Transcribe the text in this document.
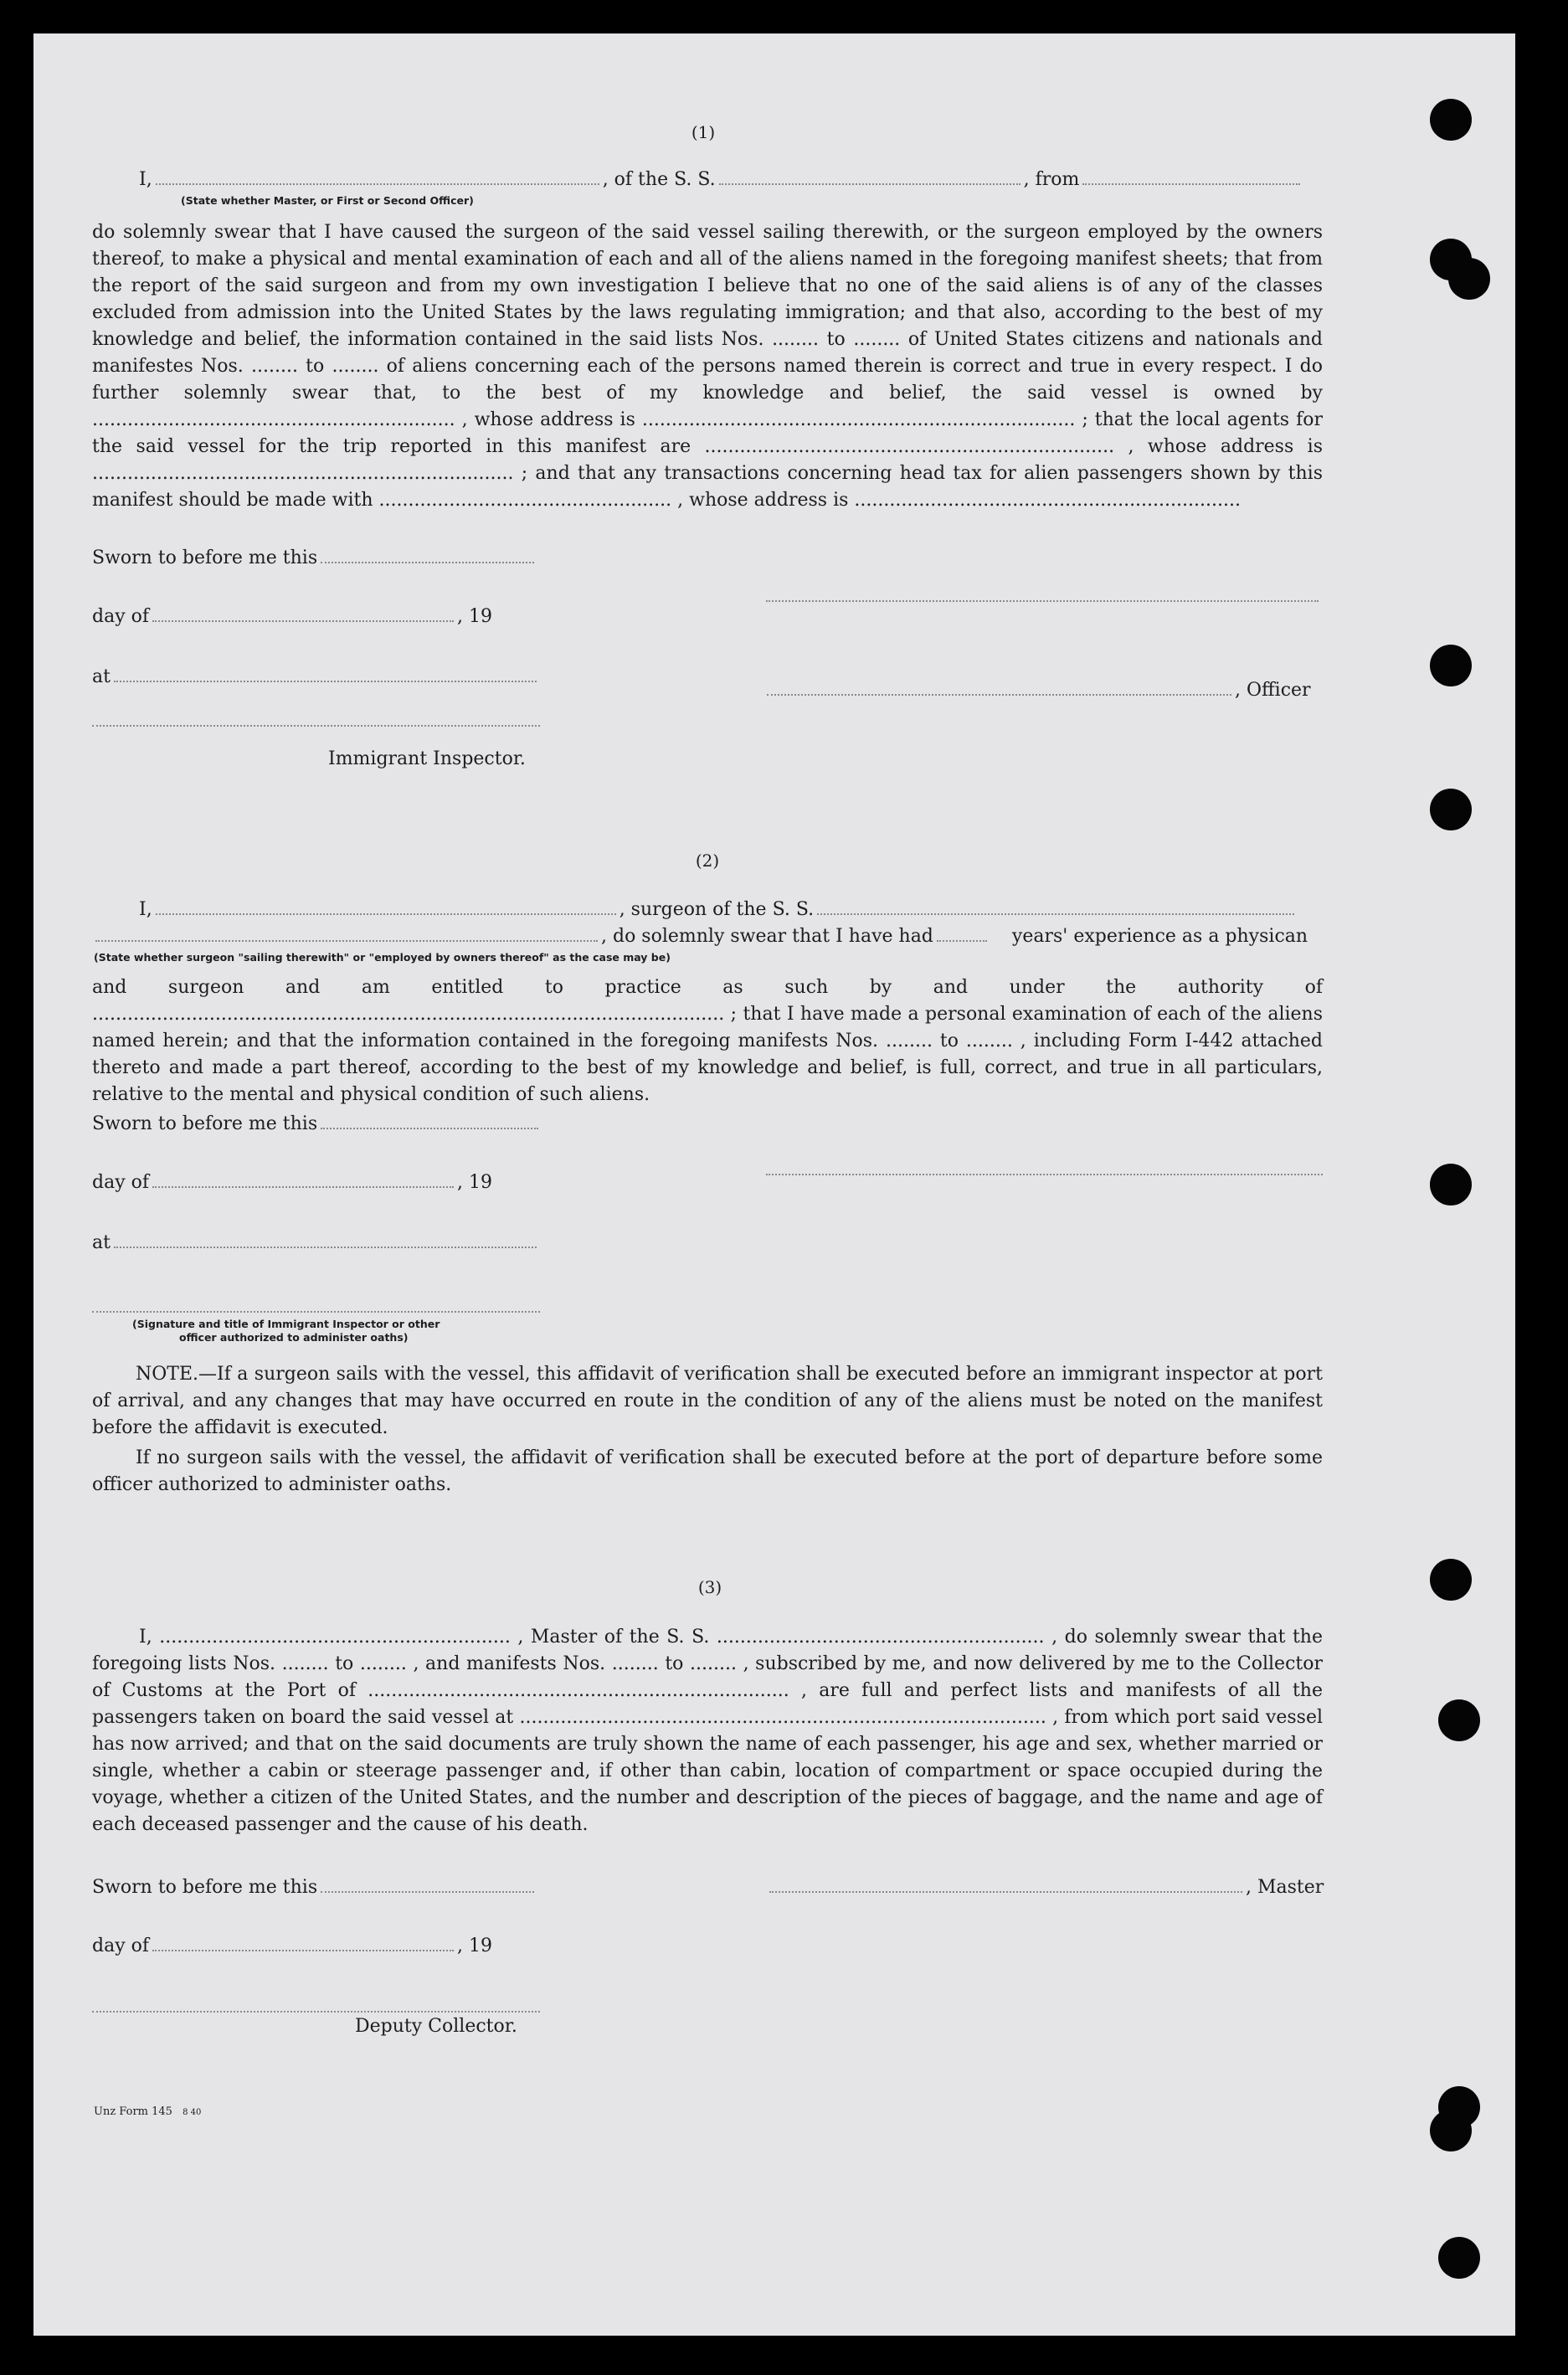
(1)
I,	, of the S. S.	, from
(State whether Master, or First or Second Officer)
do solemnly swear that I have caused the surgeon of the said vessel sailing therewith, or the surgeon employed by the owners thereof, to make a physical and mental examination of each and all of the aliens named in the foregoing manifest sheets; that from the report of the said surgeon and from my own investigation I believe that no one of the said aliens is of any of the classes excluded from admission into the United States by the laws regulating immigration; and that also, according to the best of my knowledge and belief, the information contained in the said lists Nos. ........ to ........ of United States citizens and nationals and manifestes Nos. ........ to ........ of aliens concerning each of the persons named therein is correct and true in every respect. I do further solemnly swear that, to the best of my knowledge and belief, the said vessel is owned by .............................................................. , whose address is .......................................................................... ; that the local agents for the said vessel for the trip reported in this manifest are ...................................................................... , whose address is ........................................................................ ; and that any transactions concerning head tax for alien passengers shown by this manifest should be made with .................................................. , whose address is ..................................................................
Sworn to before me this
day of	, 19
at
, Officer
Immigrant Inspector.
(2)
I,	, surgeon of the S. S.
, do solemnly swear that I have had	years' experience as a physican
(State whether surgeon "sailing therewith" or "employed by owners thereof" as the case may be)
and surgeon and am entitled to practice as such by and under the authority of ............................................................................................................ ; that I have made a personal examination of each of the aliens named herein; and that the information contained in the foregoing manifests Nos. ........ to ........ , including Form I-442 attached thereto and made a part thereof, according to the best of my knowledge and belief, is full, correct, and true in all particulars, relative to the mental and physical condition of such aliens.
Sworn to before me this
day of	, 19
at
(Signature and title of Immigrant Inspector or other
officer authorized to administer oaths)
NOTE.—If a surgeon sails with the vessel, this affidavit of verification shall be executed before an immigrant inspector at port of arrival, and any changes that may have occurred en route in the condition of any of the aliens must be noted on the manifest before the affidavit is executed.
If no surgeon sails with the vessel, the affidavit of verification shall be executed before at the port of departure before some officer authorized to administer oaths.
(3)
I, ............................................................ , Master of the S. S. ........................................................ , do solemnly swear that the foregoing lists Nos. ........ to ........ , and manifests Nos. ........ to ........ , subscribed by me, and now delivered by me to the Collector of Customs at the Port of ........................................................................ , are full and perfect lists and manifests of all the passengers taken on board the said vessel at .......................................................................................... , from which port said vessel has now arrived; and that on the said documents are truly shown the name of each passenger, his age and sex, whether married or single, whether a cabin or steerage passenger and, if other than cabin, location of compartment or space occupied during the voyage, whether a citizen of the United States, and the number and description of the pieces of baggage, and the name and age of each deceased passenger and the cause of his death.
Sworn to before me this	, Master
day of	, 19
Deputy Collector.
Unz Form 145 8 40
